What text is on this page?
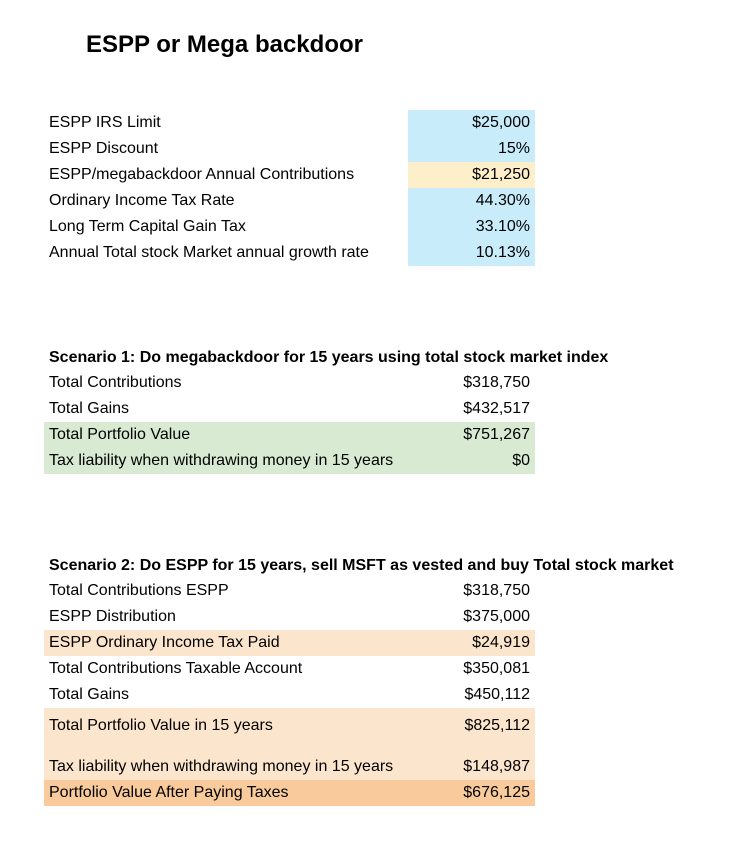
ESPP or Mega backdoor
ESPP IRS Limit	$25,000
ESPP Discount	15%
ESPP/megabackdoor Annual Contributions	$21,250
Ordinary Income Tax Rate	44.30%
Long Term Capital Gain Tax	33.10%
Annual Total stock Market annual growth rate	10.13%
Scenario 1: Do megabackdoor for 15 years using total stock market index
Total Contributions	$318,750
Total Gains	$432,517
Total Portfolio Value	$751,267
Tax liability when withdrawing money in 15 years	$0
Scenario 2: Do ESPP for 15 years, sell MSFT as vested and buy Total stock market
Total Contributions ESPP	$318,750
ESPP Distribution	$375,000
ESPP Ordinary Income Tax Paid	$24,919
Total Contributions Taxable Account	$350,081
Total Gains	$450,112
Total Portfolio Value in 15 years	$825,112
Tax liability when withdrawing money in 15 years	$148,987
Portfolio Value After Paying Taxes	$676,125
